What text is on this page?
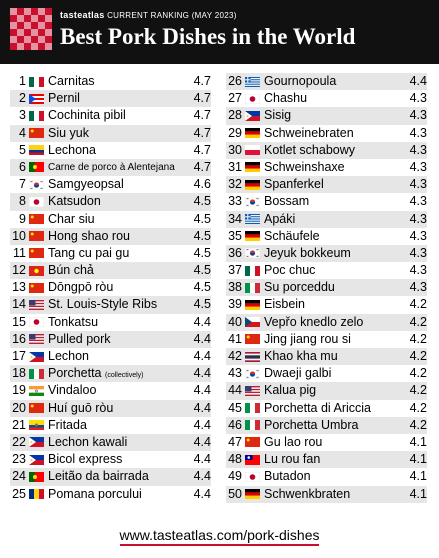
tasteatlas CURRENT RANKING (MAY 2023)
Best Pork Dishes in the World
1 Carnitas	4.7
2 Pernil	4.7
3 Cochinita pibil	4.7
4 Siu yuk	4.7
5 Lechona	4.7
6 Carne de porco à Alentejana 4.7
7 Samgyeopsal	4.6
8 Katsudon	4.5
9 Char siu	4.5
10 Hong shao rou	4.5
11 Tang cu pai gu	4.5
12 Bún chả	4.5
13 Dōngpō ròu	4.5
14 St. Louis-Style Ribs	4.5
15 Tonkatsu	4.4
16 Pulled pork	4.4
17 Lechon	4.4
18 Porchetta (collectively)	4.4
19 Vindaloo	4.4
20 Huí guō ròu	4.4
21 Fritada	4.4
22 Lechon kawali	4.4
23 Bicol express	4.4
24 Leitão da bairrada	4.4
25 Pomana porcului	4.4
26 Gournopoula	4.4
27 Chashu	4.3
28 Sisig	4.3
29 Schweinebraten	4.3
30 Kotlet schabowy	4.3
31 Schweinshaxe	4.3
32 Spanferkel	4.3
33 Bossam	4.3
34 Apáki	4.3
35 Schäufele	4.3
36 Jeyuk bokkeum	4.3
37 Poc chuc	4.3
38 Su porceddu	4.3
39 Eisbein	4.2
40 Vepřo knedlo zelo	4.2
41 Jing jiang rou si	4.2
42 Khao kha mu	4.2
43 Dwaeji galbi	4.2
44 Kalua pig	4.2
45 Porchetta di Ariccia	4.2
46 Porchetta Umbra	4.2
47 Gu lao rou	4.1
48 Lu rou fan	4.1
49 Butadon	4.1
50 Schwenkbraten	4.1
www.tasteatlas.com/pork-dishes
